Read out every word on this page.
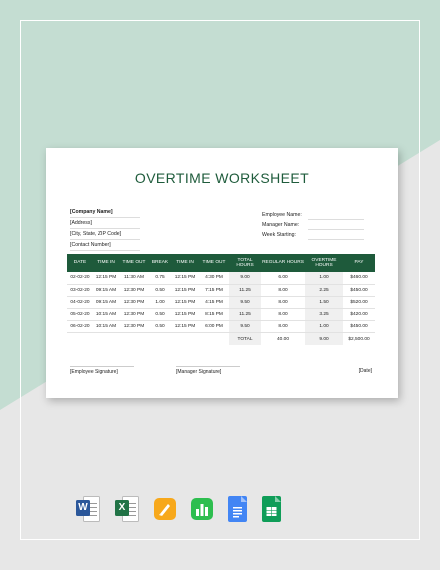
OVERTIME WORKSHEET
[Company Name]
[Address]
[City, State, ZIP Code]
[Contact Number]
Employee Name:
Manager Name:
Week Starting:
DATE	TIME IN	TIME OUT	BREAK	TIME IN	TIME OUT	TOTAL HOURS	REGULAR HOURS	OVERTIME HOURS	PAY
02-02-20	12:15 PM	11:30 AM	0.75	12:15 PM	4:30 PM	9.00	6.00	1.00	$460.00
03-02-20	09:15 AM	12:30 PM	0.50	12:15 PM	7:15 PM	11.25	8.00	2.25	$450.00
04-02-20	09:15 AM	12:30 PM	1.00	12:15 PM	4:15 PM	9.50	8.00	1.50	$520.00
05-02-20	10:15 AM	12:30 PM	0.50	12:15 PM	8:15 PM	11.25	8.00	3.25	$420.00
06-02-20	10:15 AM	12:30 PM	0.50	12:15 PM	6:00 PM	9.50	8.00	1.00	$450.00
						TOTAL	40.00	9.00	$2,500.00
[Employee Signature]	[Manager Signature]	[Date]
W	X
